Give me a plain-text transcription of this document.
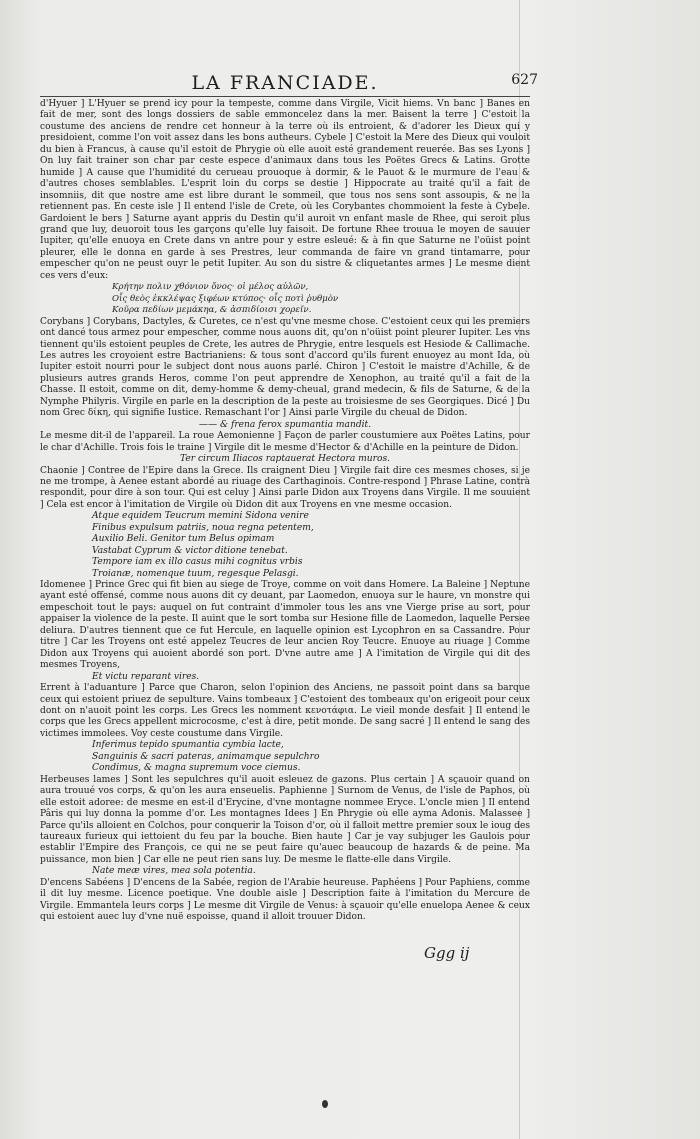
LA FRANCIADE.	627

d'Hyuer ] L'Hyuer se prend icy pour la tempeste, comme dans Virgile, Vicit hiems. Vn banc ] Banes en fait de mer, sont des longs dossiers de sable emmoncelez dans la mer. Baisent la terre ] C'estoit la coustume des anciens de rendre cet honneur à la terre où ils entroient, & d'adorer les Dieux qui y presidoient, comme l'on voit assez dans les bons autheurs. Cybele ] C'estoit la Mere des Dieux qui vouloit du bien à Francus, à cause qu'il estoit de Phrygie où elle auoit esté grandement reuerée. Bas ses Lyons ] On luy fait trainer son char par ceste espece d'animaux dans tous les Poëtes Grecs & Latins. Grotte humide ] A cause que l'humidité du cerueau prouoque à dormir, & le Pauot & le murmure de l'eau & d'autres choses semblables. L'esprit loin du corps se destie ] Hippocrate au traité qu'il a fait de insomniis, dit que nostre ame est libre durant le sommeil, que tous nos sens sont assoupis, & ne la retiennent pas. En ceste isle ] Il entend l'isle de Crete, où les Corybantes chommoient la feste à Cybele. Gardoient le bers ] Saturne ayant appris du Destin qu'il auroit vn enfant masle de Rhee, qui seroit plus grand que luy, deuoroit tous les garçons qu'elle luy faisoit. De fortune Rhee trouua le moyen de sauuer Iupiter, qu'elle enuoya en Crete dans vn antre pour y estre esleué: & à fin que Saturne ne l'oüist point pleurer, elle le donna en garde à ses Prestres, leur commanda de faire vn grand tintamarre, pour empescher qu'on ne peust ouyr le petit Iupiter. Au son du sistre & cliquetantes armes ] Le mesme dient ces vers d'eux:

Κρήτην πολιν χθόνιον ὄνος· οἱ μέλος αὐλῶν,

Οἷς θεὸς ἐκκλέψας ξιφέων κτύπος· οἷς ποτὶ ῥυθμὸν

Κοῦρα πεδίων μεμάκηα, & ἀσπιδίοισι χορεῖν.

Corybans ] Corybans, Dactyles, & Curetes, ce n'est qu'vne mesme chose. C'estoient ceux qui les premiers ont dancé tous armez pour empescher, comme nous auons dit, qu'on n'oüist point pleurer Iupiter. Les vns tiennent qu'ils estoient peuples de Crete, les autres de Phrygie, entre lesquels est Hesiode & Callimache. Les autres les croyoient estre Bactrianiens: & tous sont d'accord qu'ils furent enuoyez au mont Ida, où Iupiter estoit nourri pour le subject dont nous auons parlé. Chiron ] C'estoit le maistre d'Achille, & de plusieurs autres grands Heros, comme l'on peut apprendre de Xenophon, au traité qu'il a fait de la Chasse. Il estoit, comme on dit, demy-homme & demy-cheual, grand medecin, & fils de Saturne, & de la Nymphe Philyris. Virgile en parle en la description de la peste au troisiesme de ses Georgiques. Dicé ] Du nom Grec δίκη, qui signifie Iustice. Remaschant l'or ] Ainsi parle Virgile du cheual de Didon.

—— & frena ferox spumantia mandit.

Le mesme dit-il de l'appareil. La roue Aemonienne ] Façon de parler coustumiere aux Poëtes Latins, pour le char d'Achille. Trois fois le traine ] Virgile dit le mesme d'Hector & d'Achille en la peinture de Didon.

Ter circum Iliacos raptauerat Hectora muros.

Chaonie ] Contree de l'Epire dans la Grece. Ils craignent Dieu ] Virgile fait dire ces mesmes choses, si je ne me trompe, à Aenee estant abordé au riuage des Carthaginois. Contre-respond ] Phrase Latine, contrà respondit, pour dire à son tour. Qui est celuy ] Ainsi parle Didon aux Troyens dans Virgile. Il me souuient ] Cela est encor à l'imitation de Virgile où Didon dit aux Troyens en vne mesme occasion.

Atque equidem Teucrum memini Sidona venire

Finibus expulsum patriis, noua regna petentem,

Auxilio Beli. Genitor tum Belus opimam

Vastabat Cyprum & victor ditione tenebat.

Tempore iam ex illo casus mihi cognitus vrbis

Troianæ, nomenque tuum, regesque Pelasgi.

Idomenee ] Prince Grec qui fit bien au siege de Troye, comme on voit dans Homere. La Baleine ] Neptune ayant esté offensé, comme nous auons dit cy deuant, par Laomedon, enuoya sur le haure, vn monstre qui empeschoit tout le pays: auquel on fut contraint d'immoler tous les ans vne Vierge prise au sort, pour appaiser la violence de la peste. Il auint que le sort tomba sur Hesione fille de Laomedon, laquelle Persee deliura. D'autres tiennent que ce fut Hercule, en laquelle opinion est Lycophron en sa Cassandre. Pour titre ] Car les Troyens ont esté appelez Teucres de leur ancien Roy Teucre. Enuoye au riuage ] Comme Didon aux Troyens qui auoient abordé son port. D'vne autre ame ] A l'imitation de Virgile qui dit des mesmes Troyens,

Et victu reparant vires.

Errent à l'aduanture ] Parce que Charon, selon l'opinion des Anciens, ne passoit point dans sa barque ceux qui estoient priuez de sepulture. Vains tombeaux ] C'estoient des tombeaux qu'on erigeoit pour ceux dont on n'auoit point les corps. Les Grecs les nomment κενοτάφια. Le vieil monde desfait ] Il entend le corps que les Grecs appellent microcosme, c'est à dire, petit monde. De sang sacré ] Il entend le sang des victimes immolees. Voy ceste coustume dans Virgile.

Inferimus tepido spumantia cymbia lacte,

Sanguinis & sacri pateras, animamque sepulchro

Condimus, & magna supremum voce ciemus.

Herbeuses lames ] Sont les sepulchres qu'il auoit esleuez de gazons. Plus certain ] A sçauoir quand on aura trouué vos corps, & qu'on les aura enseuelis. Paphienne ] Surnom de Venus, de l'isle de Paphos, où elle estoit adoree: de mesme en est-il d'Erycine, d'vne montagne nommee Eryce. L'oncle mien ] Il entend Pâris qui luy donna la pomme d'or. Les montagnes Idees ] En Phrygie où elle ayma Adonis. Malassee ] Parce qu'ils alloient en Colchos, pour conquerir la Toison d'or, où il falloit mettre premier soux le ioug des taureaux furieux qui iettoient du feu par la bouche. Bien haute ] Car je vay subjuger les Gaulois pour establir l'Empire des François, ce qui ne se peut faire qu'auec beaucoup de hazards & de peine. Ma puissance, mon bien ] Car elle ne peut rien sans luy. De mesme le flatte-elle dans Virgile.

Nate meæ vires, mea sola potentia.

D'encens Sabéens ] D'encens de la Sabée, region de l'Arabie heureuse. Paphéens ] Pour Paphiens, comme il dit luy mesme. Licence poetique. Vne double aisle ] Description faite à l'imitation du Mercure de Virgile. Emmantela leurs corps ] Le mesme dit Virgile de Venus: à sçauoir qu'elle enuelopa Aenee & ceux qui estoient auec luy d'vne nuë espoisse, quand il alloit trouuer Didon.

Ggg ij
